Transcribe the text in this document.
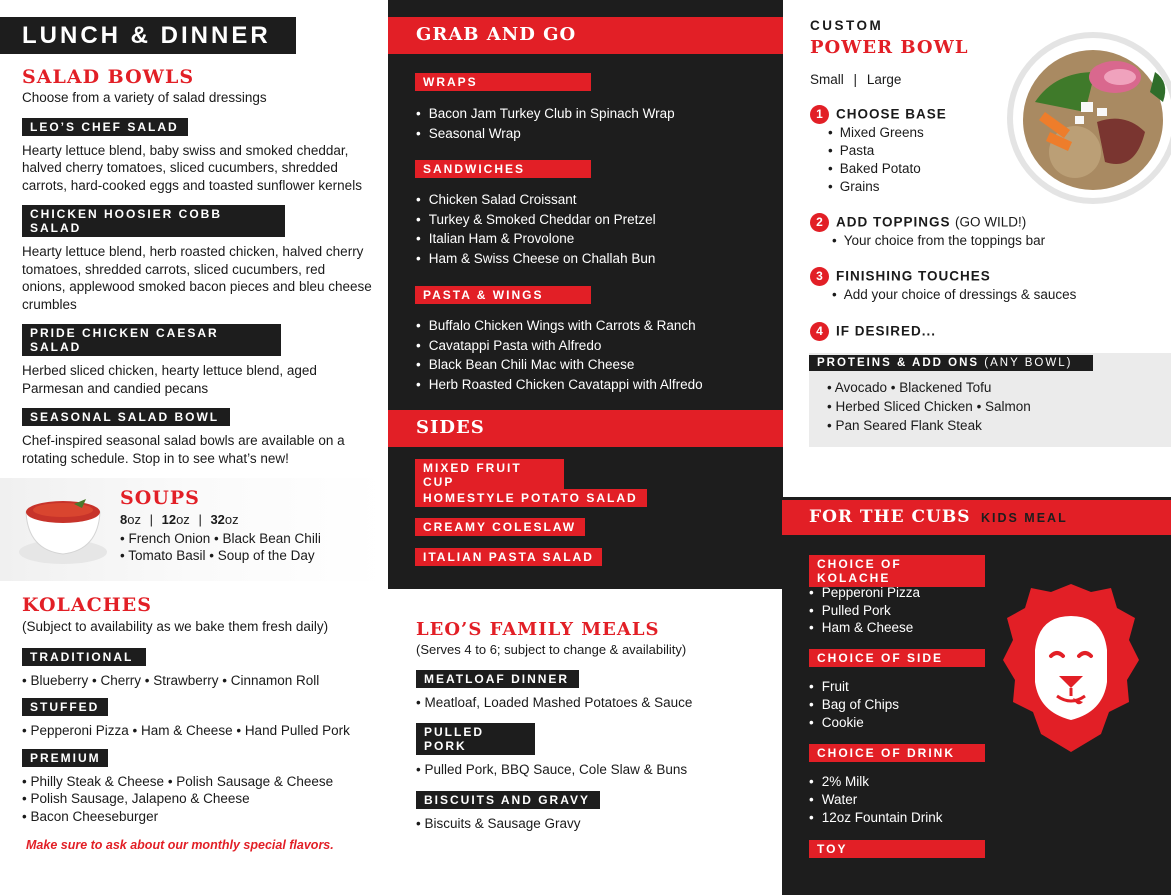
LUNCH & DINNER
SALAD BOWLS
Choose from a variety of salad dressings
LEO’S CHEF SALAD
Hearty lettuce blend, baby swiss and smoked cheddar, halved cherry tomatoes, sliced cucumbers, shredded carrots, hard-cooked eggs and toasted sunflower kernels
CHICKEN HOOSIER COBB SALAD
Hearty lettuce blend, herb roasted chicken, halved cherry tomatoes, shredded carrots, sliced cucumbers, red onions, applewood smoked bacon pieces and bleu cheese crumbles
PRIDE CHICKEN CAESAR SALAD
Herbed sliced chicken, hearty lettuce blend, aged Parmesan and candied pecans
SEASONAL SALAD BOWL
Chef-inspired seasonal salad bowls are available on a rotating schedule. Stop in to see what’s new!
SOUPS
8oz | 12oz | 32oz
• French Onion • Black Bean Chili
• Tomato Basil • Soup of the Day
KOLACHES
(Subject to availability as we bake them fresh daily)
TRADITIONAL
• Blueberry • Cherry • Strawberry • Cinnamon Roll
STUFFED
• Pepperoni Pizza • Ham & Cheese • Hand Pulled Pork
PREMIUM
• Philly Steak & Cheese • Polish Sausage & Cheese
• Polish Sausage, Jalapeno & Cheese
• Bacon Cheeseburger
Make sure to ask about our monthly special flavors.
GRAB AND GO
WRAPS
• Bacon Jam Turkey Club in Spinach Wrap
• Seasonal Wrap
SANDWICHES
• Chicken Salad Croissant
• Turkey & Smoked Cheddar on Pretzel
• Italian Ham & Provolone
• Ham & Swiss Cheese on Challah Bun
PASTA & WINGS
• Buffalo Chicken Wings with Carrots & Ranch
• Cavatappi Pasta with Alfredo
• Black Bean Chili Mac with Cheese
• Herb Roasted Chicken Cavatappi with Alfredo
SIDES
MIXED FRUIT CUP
HOMESTYLE POTATO SALAD
CREAMY COLESLAW
ITALIAN PASTA SALAD
LEO’S FAMILY MEALS
(Serves 4 to 6; subject to change & availability)
MEATLOAF DINNER
• Meatloaf, Loaded Mashed Potatoes & Sauce
PULLED PORK
• Pulled Pork, BBQ Sauce, Cole Slaw & Buns
BISCUITS AND GRAVY
• Biscuits & Sausage Gravy
CUSTOM
POWER BOWL
Small | Large
1 CHOOSE BASE
• Mixed Greens
• Pasta
• Baked Potato
• Grains
2 ADD TOPPINGS (GO WILD!)
• Your choice from the toppings bar
3 FINISHING TOUCHES
• Add your choice of dressings & sauces
4 IF DESIRED...
PROTEINS & ADD ONS (ANY BOWL)
• Avocado • Blackened Tofu
• Herbed Sliced Chicken • Salmon
• Pan Seared Flank Steak
FOR THE CUBS KIDS MEAL
CHOICE OF KOLACHE
• Pepperoni Pizza
• Pulled Pork
• Ham & Cheese
CHOICE OF SIDE
• Fruit
• Bag of Chips
• Cookie
CHOICE OF DRINK
• 2% Milk
• Water
• 12oz Fountain Drink
TOY
